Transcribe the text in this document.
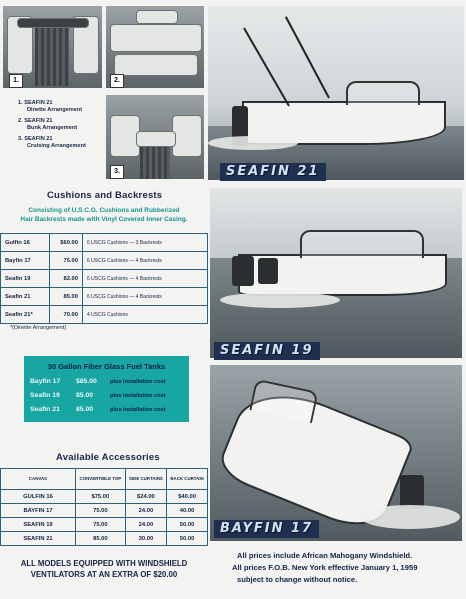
1.	2.
3.
1. SEAFIN 21
Dinette Arrangement
2. SEAFIN 21
Bunk Arrangement
3. SEAFIN 21
Cruising Arrangement
SEAFIN 21
Cushions and Backrests
Consisting of U.S.C.G. Cushions and Rubberized
Hair Backrests made with Vinyl Covered Inner Casing.
Gulfin 16	$60.00	6 USCG Cushions — 3 Backrests
Bayfin 17	75.00	6 USCG Cushions — 4 Backrests
Seafin 19	82.00	6 USCG Cushions — 4 Backrests
Seafin 21	85.00	6 USCG Cushions — 4 Backrests
Seafin 21*	70.00	4 USCG Cushions
*(Dinette Arrangement)
SEAFIN 19
30 Gallon Fiber Glass Fuel Tanks
Bayfin 17 $85.00 plus installation cost
Seafin 19 85.00	plus installation cost
Seafin 21 85.00	plus installation cost
Available Accessories
CANVAS	CONVERTIBLE TOP	SIDE CURTAINS	BACK CURTAIN
GULFIN 16	$75.00	$24.00	$40.00
BAYFIN 17	75.00	24.00	40.00
SEAFIN 19	75.00	24.00	50.00
SEAFIN 21	85.00	30.00	50.00
BAYFIN 17
ALL MODELS EQUIPPED WITH WINDSHIELD
VENTILATORS AT AN EXTRA OF $20.00
All prices include African Mahogany Windshield.
All prices F.O.B. New York effective January 1, 1959
subject to change without notice.
